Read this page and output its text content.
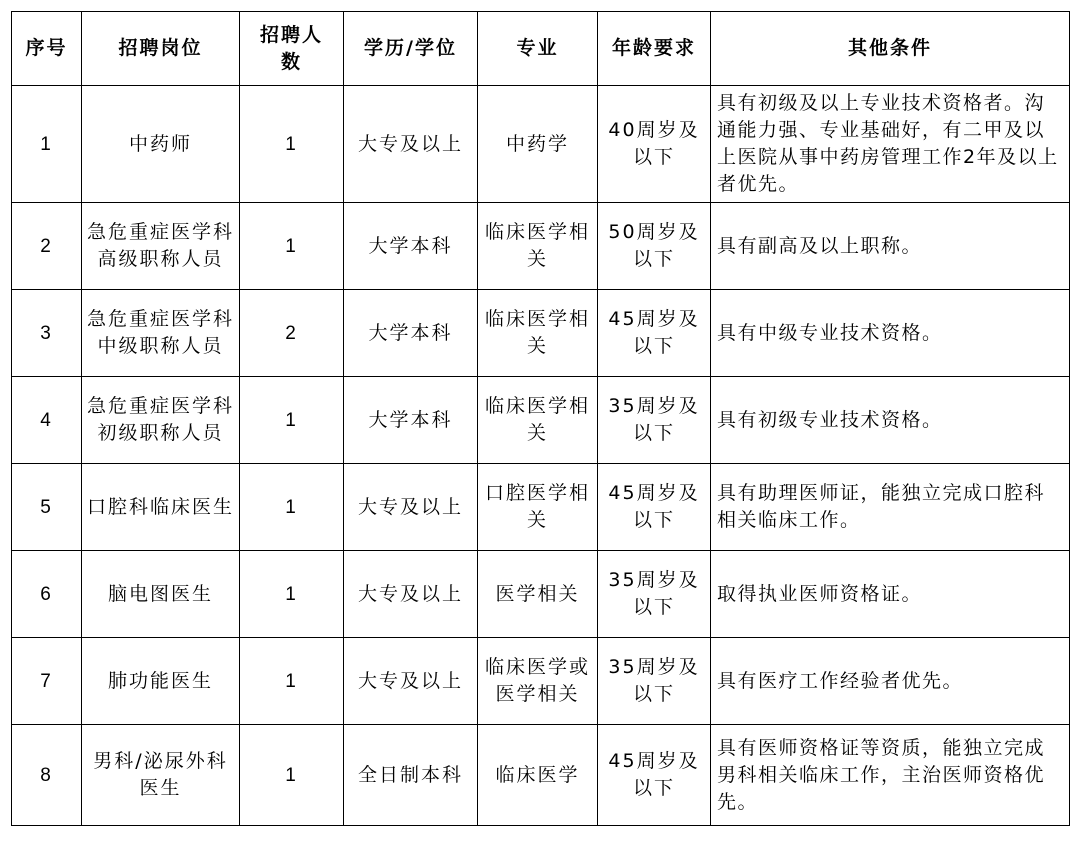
序号	招聘岗位	招聘人数	学历/学位	专业	年龄要求	其他条件
1	中药师	1	大专及以上	中药学	40周岁及以下	具有初级及以上专业技术资格者。沟通能力强、专业基础好，有二甲及以上医院从事中药房管理工作2年及以上者优先。
2	急危重症医学科高级职称人员	1	大学本科	临床医学相关	50周岁及以下	具有副高及以上职称。
3	急危重症医学科中级职称人员	2	大学本科	临床医学相关	45周岁及以下	具有中级专业技术资格。
4	急危重症医学科初级职称人员	1	大学本科	临床医学相关	35周岁及以下	具有初级专业技术资格。
5	口腔科临床医生	1	大专及以上	口腔医学相关	45周岁及以下	具有助理医师证，能独立完成口腔科相关临床工作。
6	脑电图医生	1	大专及以上	医学相关	35周岁及以下	取得执业医师资格证。
7	肺功能医生	1	大专及以上	临床医学或医学相关	35周岁及以下	具有医疗工作经验者优先。
8	男科/泌尿外科医生	1	全日制本科	临床医学	45周岁及以下	具有医师资格证等资质，能独立完成男科相关临床工作，主治医师资格优先。
